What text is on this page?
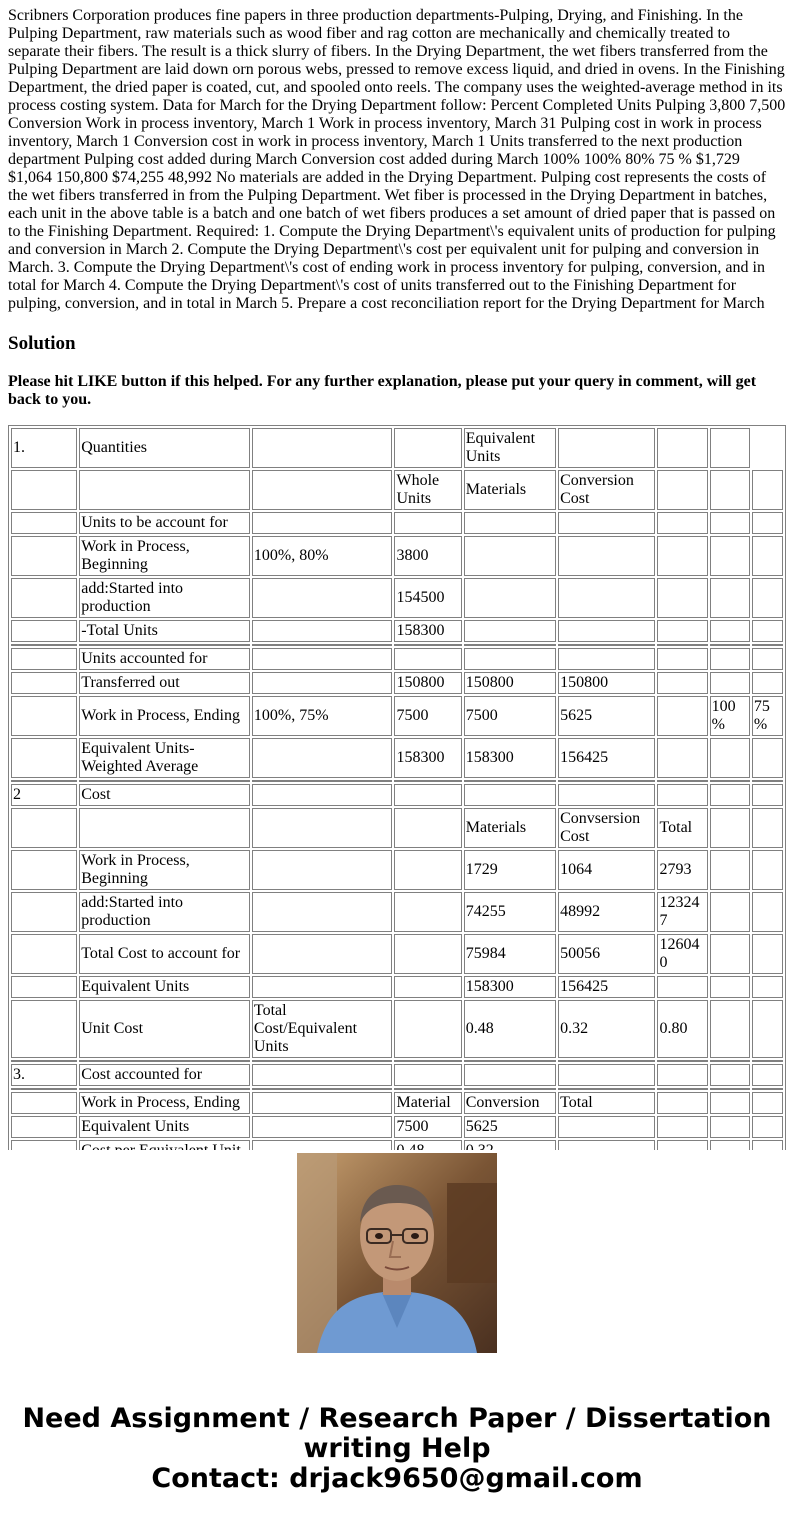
Scribners Corporation produces fine papers in three production departments-Pulping, Drying, and Finishing. In the Pulping Department, raw materials such as wood fiber and rag cotton are mechanically and chemically treated to separate their fibers. The result is a thick slurry of fibers. In the Drying Department, the wet fibers transferred from the Pulping Department are laid down orn porous webs, pressed to remove excess liquid, and dried in ovens. In the Finishing Department, the dried paper is coated, cut, and spooled onto reels. The company uses the weighted-average method in its process costing system. Data for March for the Drying Department follow: Percent Completed Units Pulping 3,800 7,500 Conversion Work in process inventory, March 1 Work in process inventory, March 31 Pulping cost in work in process inventory, March 1 Conversion cost in work in process inventory, March 1 Units transferred to the next production department Pulping cost added during March Conversion cost added during March 100% 100% 80% 75 % $1,729 $1,064 150,800 $74,255 48,992 No materials are added in the Drying Department. Pulping cost represents the costs of the wet fibers transferred in from the Pulping Department. Wet fiber is processed in the Drying Department in batches, each unit in the above table is a batch and one batch of wet fibers produces a set amount of dried paper that is passed on to the Finishing Department. Required: 1. Compute the Drying Department\'s equivalent units of production for pulping and conversion in March 2. Compute the Drying Department\'s cost per equivalent unit for pulping and conversion in March. 3. Compute the Drying Department\'s cost of ending work in process inventory for pulping, conversion, and in total for March 4. Compute the Drying Department\'s cost of units transferred out to the Finishing Department for pulping, conversion, and in total in March 5. Prepare a cost reconciliation report for the Drying Department for March

Solution

Please hit LIKE button if this helped. For any further explanation, please put your query in comment, will get back to you.

1.	Quantities			Equivalent Units				
			Whole Units	Materials	Conversion Cost			
	Units to be account for							
	Work in Process, Beginning	100%, 80%	3800					
	add:Started into production		154500					
	-Total Units		158300					

	Units accounted for							
	Transferred out		150800	150800	150800			
	Work in Process, Ending	100%, 75%	7500	7500	5625		100%	75%
	Equivalent Units-Weighted Average		158300	158300	156425			

2	Cost							
				Materials	Convsersion Cost	Total		
	Work in Process, Beginning			1729	1064	2793		
	add:Started into production			74255	48992	123247		
	Total Cost to account for			75984	50056	126040		
	Equivalent Units			158300	156425			
	Unit Cost	Total Cost/Equivalent Units		0.48	0.32	0.80		

3.	Cost accounted for							

	Work in Process, Ending		Material	Conversion	Total			
	Equivalent Units		7500	5625				

Need Assignment / Research Paper / Dissertation
writing Help
Contact: drjack9650@gmail.com
